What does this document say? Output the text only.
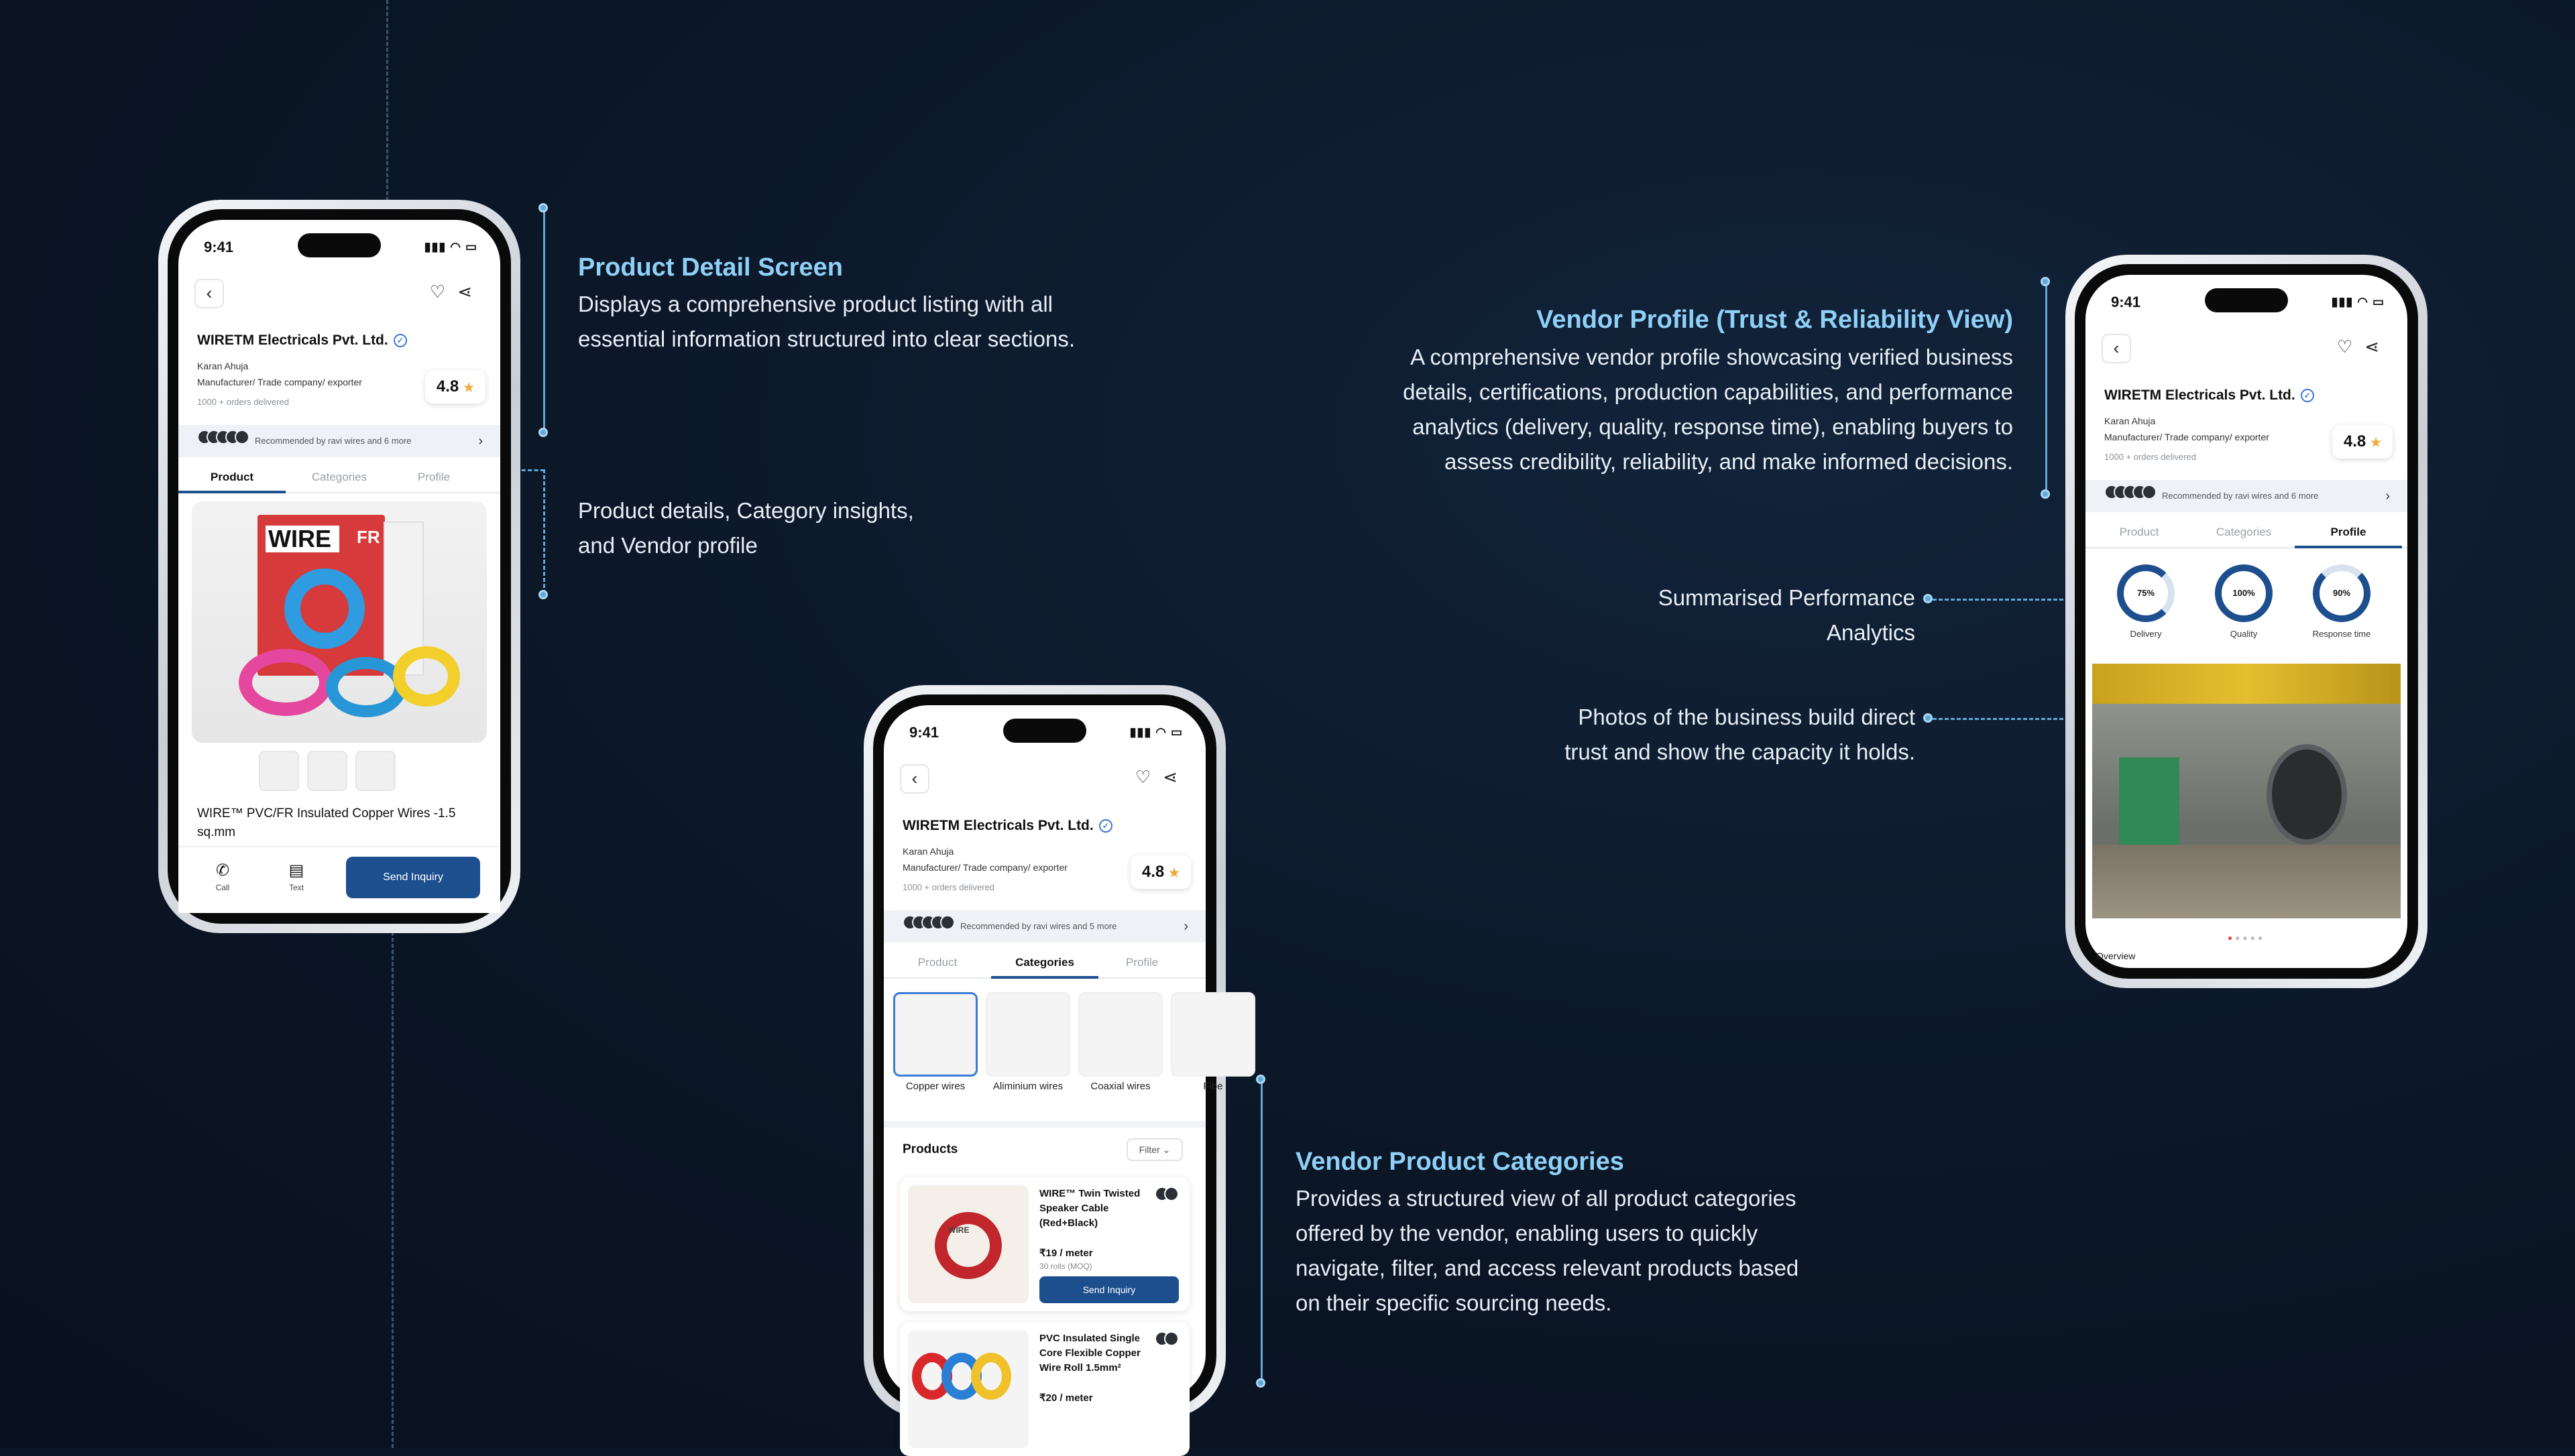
Product Detail Screen
Displays a comprehensive product listing with all essential information structured into clear sections.
Product details, Category insights, and Vendor profile
Vendor Profile (Trust & Reliability View)
A comprehensive vendor profile showcasing verified business details, certifications, production capabilities, and performance analytics (delivery, quality, response time), enabling buyers to assess credibility, reliability, and make informed decisions.
Summarised Performance Analytics
Photos of the business build direct trust and show the capacity it holds.
Vendor Product Categories
Provides a structured view of all product categories offered by the vendor, enabling users to quickly navigate, filter, and access relevant products based on their specific sourcing needs.
9:41	▮▮▮ ◠ ▭
‹	♡⋖
WIRETM Electricals Pvt. Ltd. ✓
Karan Ahuja
Manufacturer/ Trade company/ exporter
1000 + orders delivered
4.8 ★
Recommended by ravi wires and 6 more	›
Product	Categories	Profile
WIRE	FR
WIRE™ PVC/FR Insulated Copper Wires -1.5 sq.mm
✆
Call
▤
Text
Send Inquiry
9:41	▮▮▮ ◠ ▭
‹	♡⋖
WIRETM Electricals Pvt. Ltd. ✓
Karan Ahuja
Manufacturer/ Trade company/ exporter
1000 + orders delivered
4.8 ★
Recommended by ravi wires and 5 more	›
Product	Categories	Profile
Copper wires	Aliminium wires	Coaxial wires	Fibe
Products	Filter ⌄
WIRE
WIRE™ Twin Twisted Speaker Cable (Red+Black)
₹19 / meter
30 rolls (MOQ)
Send Inquiry
PVC Insulated Single Core Flexible Copper Wire Roll 1.5mm²
₹20 / meter
9:41	▮▮▮ ◠ ▭
‹	♡⋖
WIRETM Electricals Pvt. Ltd. ✓
Karan Ahuja
Manufacturer/ Trade company/ exporter
1000 + orders delivered
4.8 ★
Recommended by ravi wires and 6 more	›
Product	Categories	Profile
75%
Delivery
100%
Quality
90%
Response time
●●●●●
Overview
